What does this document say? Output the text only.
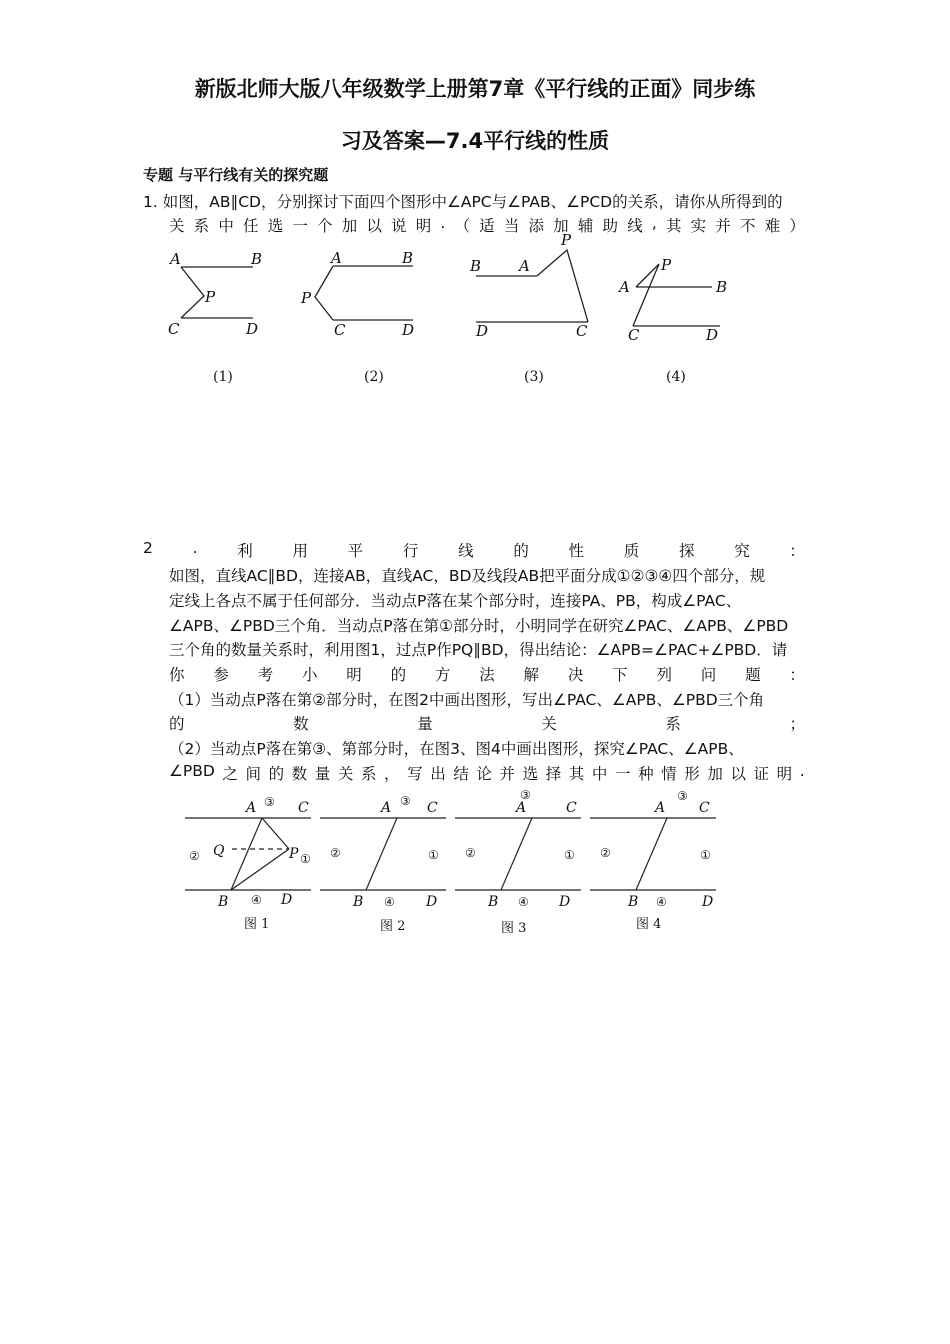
新版北师大版八年级数学上册第7章《平行线的正面》同步练
习及答案—7.4平行线的性质
专题 与平行线有关的探究题
1. 如图，AB∥CD，分别探讨下面四个图形中∠APC与∠PAB、∠PCD的关系，请你从所得到的
关 系 中 任 选 一 个 加 以 说 明 . （ 适 当 添 加 辅 助 线 , 其 实 并 不 难 ）
A	B
P
C	D
A	B
P
C	D
B	A
P
D	C
A
P
B
C	D
(1)	(2)	(3)	(4)
2	.	利	用	平	行	线	的	性	质	探	究	：
如图，直线AC∥BD，连接AB，直线AC，BD及线段AB把平面分成①②③④四个部分，规
定线上各点不属于任何部分．当动点P落在某个部分时，连接PA、PB，构成∠PAC、
∠APB、∠PBD三个角．当动点P落在第①部分时，小明同学在研究∠PAC、∠APB、∠PBD
三个角的数量关系时，利用图1，过点P作PQ∥BD，得出结论：∠APB=∠PAC+∠PBD．请
你 参 考 小 明 的 方 法 解 决 下 列 问 题 ：
（1）当动点P落在第②部分时，在图2中画出图形，写出∠PAC、∠APB、∠PBD三个角
的	数	量	关	系	；
（2）当动点P落在第③、第部分时，在图3、图4中画出图形，探究∠PAC、∠APB、
∠PBD 之 间 的 数 量 关 系 ， 写 出 结 论 并 选 择 其 中 一 种 情 形 加 以 证 明 .
A	C
Q	P
B	D
③
②	①
④
图 1
A	C
B	D
③
②	①
④
图 2
A	C
B	D
③
②	①
④
图 3
A C
B	D
③
②	①
④
图 4
